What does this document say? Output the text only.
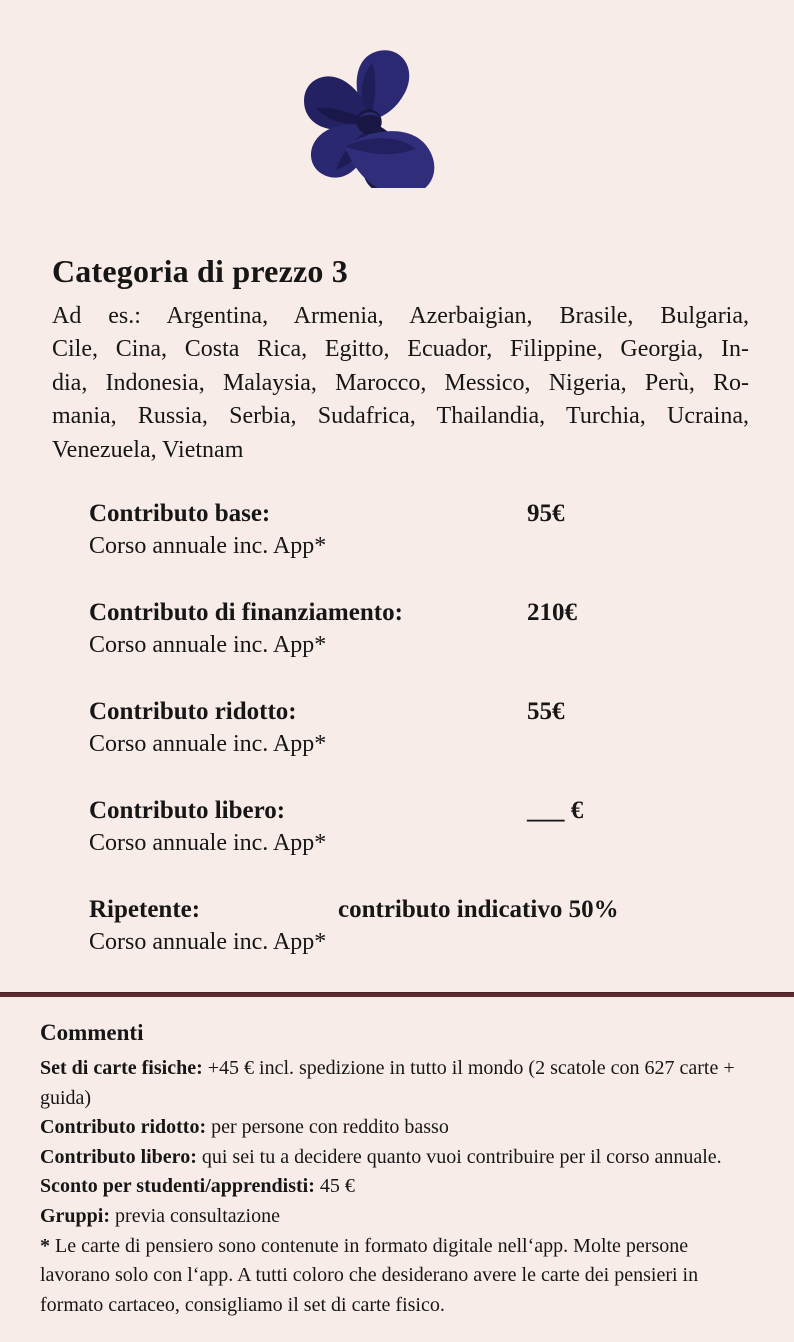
Categoria di prezzo 3
Ad es.: Argentina, Armenia, Azerbaigian, Brasile, Bulgaria,
Cile, Cina, Costa Rica, Egitto, Ecuador, Filippine, Georgia, In-
dia, Indonesia, Malaysia, Marocco, Messico, Nigeria, Perù, Ro-
mania, Russia, Serbia, Sudafrica, Thailandia, Turchia, Ucraina,
Venezuela, Vietnam
Contributo base:	95€
Corso annuale inc. App*
Contributo di finanziamento:	210€
Corso annuale inc. App*
Contributo ridotto:	55€
Corso annuale inc. App*
Contributo libero:	___ €
Corso annuale inc. App*
Ripetente:	contributo indicativo 50%
Corso annuale inc. App*
Commenti

Set di carte fisiche: +45 € incl. spedizione in tutto il mondo (2 scatole con 627 carte + guida)

Contributo ridotto: per persone con reddito basso

Contributo libero: qui sei tu a decidere quanto vuoi contribuire per il corso annuale.

Sconto per studenti/apprendisti: 45 €

Gruppi: previa consultazione

* Le carte di pensiero sono contenute in formato digitale nell‘app. Molte persone lavorano solo con l‘app. A tutti coloro che desiderano avere le carte dei pensieri in formato cartaceo, consigliamo il set di carte fisico.
